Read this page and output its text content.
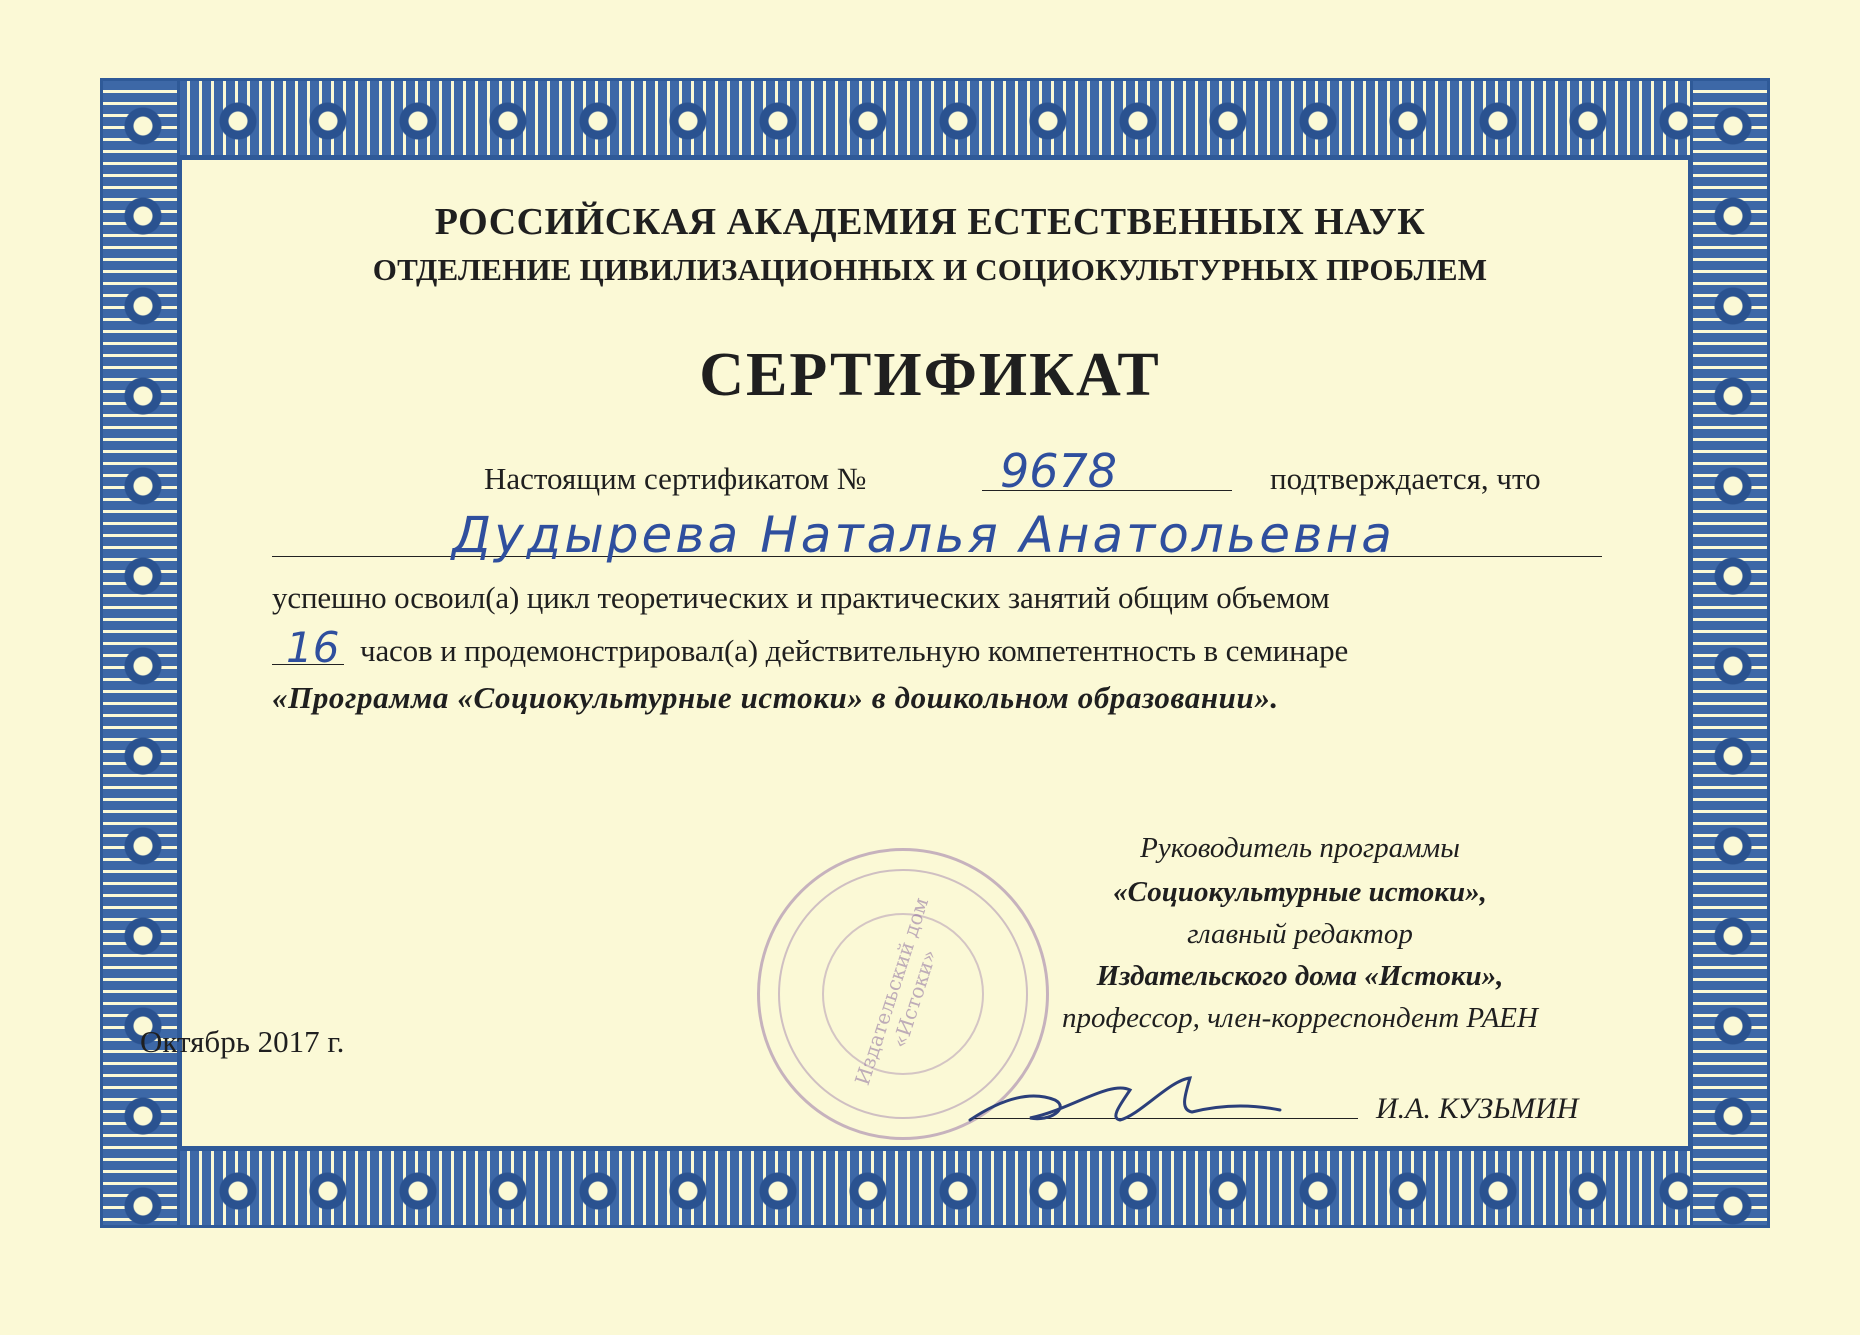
РОССИЙСКАЯ АКАДЕМИЯ ЕСТЕСТВЕННЫХ НАУК
ОТДЕЛЕНИЕ ЦИВИЛИЗАЦИОННЫХ И СОЦИОКУЛЬТУРНЫХ ПРОБЛЕМ
СЕРТИФИКАТ
Настоящим сертификатом №	9678	подтверждается, что
Дудырева Наталья Анатольевна
успешно освоил(а) цикл теоретических и практических занятий общим объемом
16 часов и продемонстрировал(а) действительную компетентность в семинаре
«Программа «Социокультурные истоки» в дошкольном образовании».
Издательский дом «Истоки»
Руководитель программы
«Социокультурные истоки»,
главный редактор
Издательского дома «Истоки»,
профессор, член-корреспондент РАЕН
Октябрь 2017 г.
И.А. КУЗЬМИН
